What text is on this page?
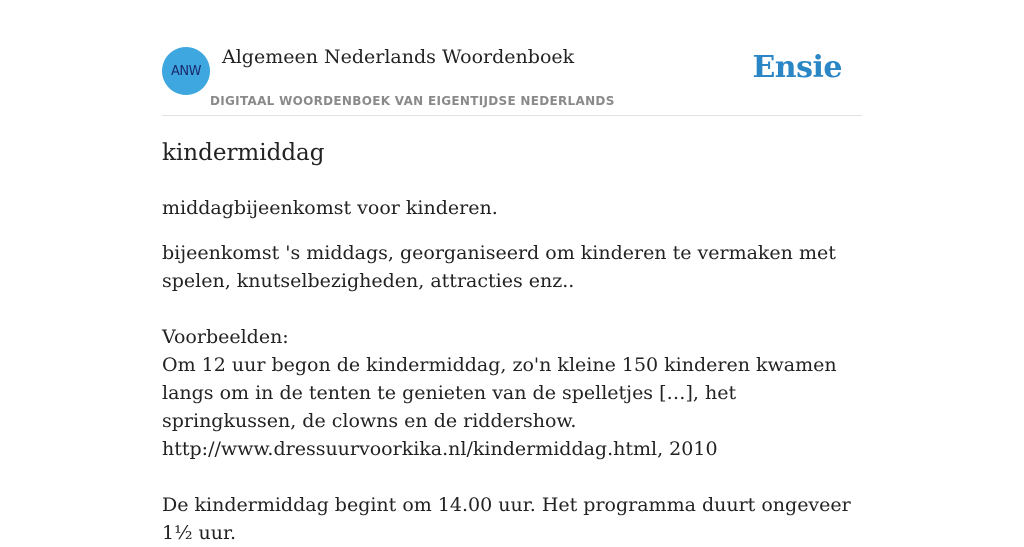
ANW
Algemeen Nederlands Woordenboek
DIGITAAL WOORDENBOEK VAN EIGENTIJDSE NEDERLANDS
Ensie
kindermiddag
middagbijeenkomst voor kinderen.

bijeenkomst 's middags, georganiseerd om kinderen te vermaken met spelen, knutselbezigheden, attracties enz..

Voorbeelden:

Om 12 uur begon de kindermiddag, zo'n kleine 150 kinderen kwamen langs om in de tenten te genieten van de spelletjes […], het springkussen, de clowns en de riddershow.

http://www.dressuurvoorkika.nl/kindermiddag.html, 2010

De kindermiddag begint om 14.00 uur. Het programma duurt ongeveer 1½ uur.
